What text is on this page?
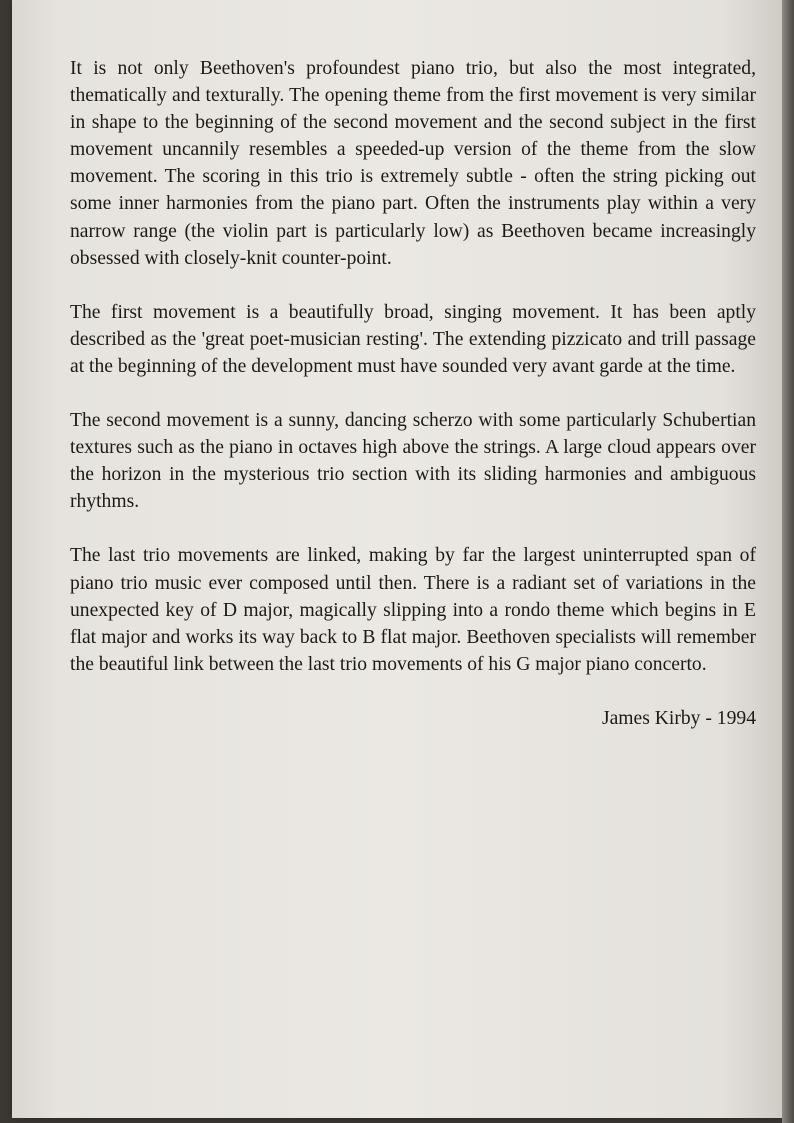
It is not only Beethoven's profoundest piano trio, but also the most integrated, thematically and texturally. The opening theme from the first movement is very similar in shape to the beginning of the second movement and the second subject in the first movement uncannily resembles a speeded-up version of the theme from the slow movement. The scoring in this trio is extremely subtle - often the string picking out some inner harmonies from the piano part. Often the instruments play within a very narrow range (the violin part is particularly low) as Beethoven became increasingly obsessed with closely-knit counter-point.

The first movement is a beautifully broad, singing movement. It has been aptly described as the 'great poet-musician resting'. The extending pizzicato and trill passage at the beginning of the development must have sounded very avant garde at the time.

The second movement is a sunny, dancing scherzo with some particularly Schubertian textures such as the piano in octaves high above the strings. A large cloud appears over the horizon in the mysterious trio section with its sliding harmonies and ambiguous rhythms.

The last trio movements are linked, making by far the largest uninterrupted span of piano trio music ever composed until then. There is a radiant set of variations in the unexpected key of D major, magically slipping into a rondo theme which begins in E flat major and works its way back to B flat major. Beethoven specialists will remember the beautiful link between the last trio movements of his G major piano concerto.

James Kirby - 1994
